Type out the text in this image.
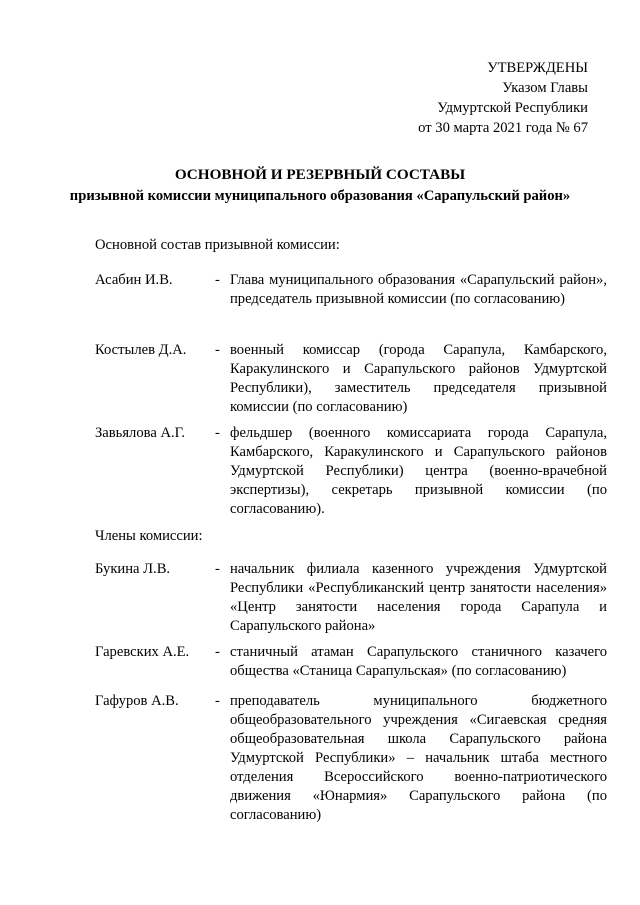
УТВЕРЖДЕНЫ
Указом Главы
Удмуртской Республики
от 30 марта 2021 года № 67
ОСНОВНОЙ И РЕЗЕРВНЫЙ СОСТАВЫ
призывной комиссии муниципального образования «Сарапульский район»
Основной состав призывной комиссии:
Асабин И.В.	- Глава муниципального образования «Сарапульский район», председатель призывной комиссии (по согласованию)
Костылев Д.А.	- военный комиссар (города Сарапула, Камбарского, Каракулинского и Сарапульского районов Удмуртской Республики), заместитель председателя призывной комиссии (по согласованию)
Завьялова А.Г.	- фельдшер (военного комиссариата города Сарапула, Камбарского, Каракулинского и Сарапульского районов Удмуртской Республики) центра (военно-врачебной экспертизы), секретарь призывной комиссии (по согласованию).
Члены комиссии:
Букина Л.В.	- начальник филиала казенного учреждения Удмуртской Республики «Республиканский центр занятости населения» «Центр занятости населения города Сарапула и Сарапульского района»
Гаревских А.Е.	- станичный атаман Сарапульского станичного казачего общества «Станица Сарапульская» (по согласованию)
Гафуров А.В.	- преподаватель муниципального бюджетного общеобразовательного учреждения «Сигаевская средняя общеобразовательная школа Сарапульского района Удмуртской Республики» – начальник штаба местного отделения Всероссийского военно-патриотического движения «Юнармия» Сарапульского района (по согласованию)
